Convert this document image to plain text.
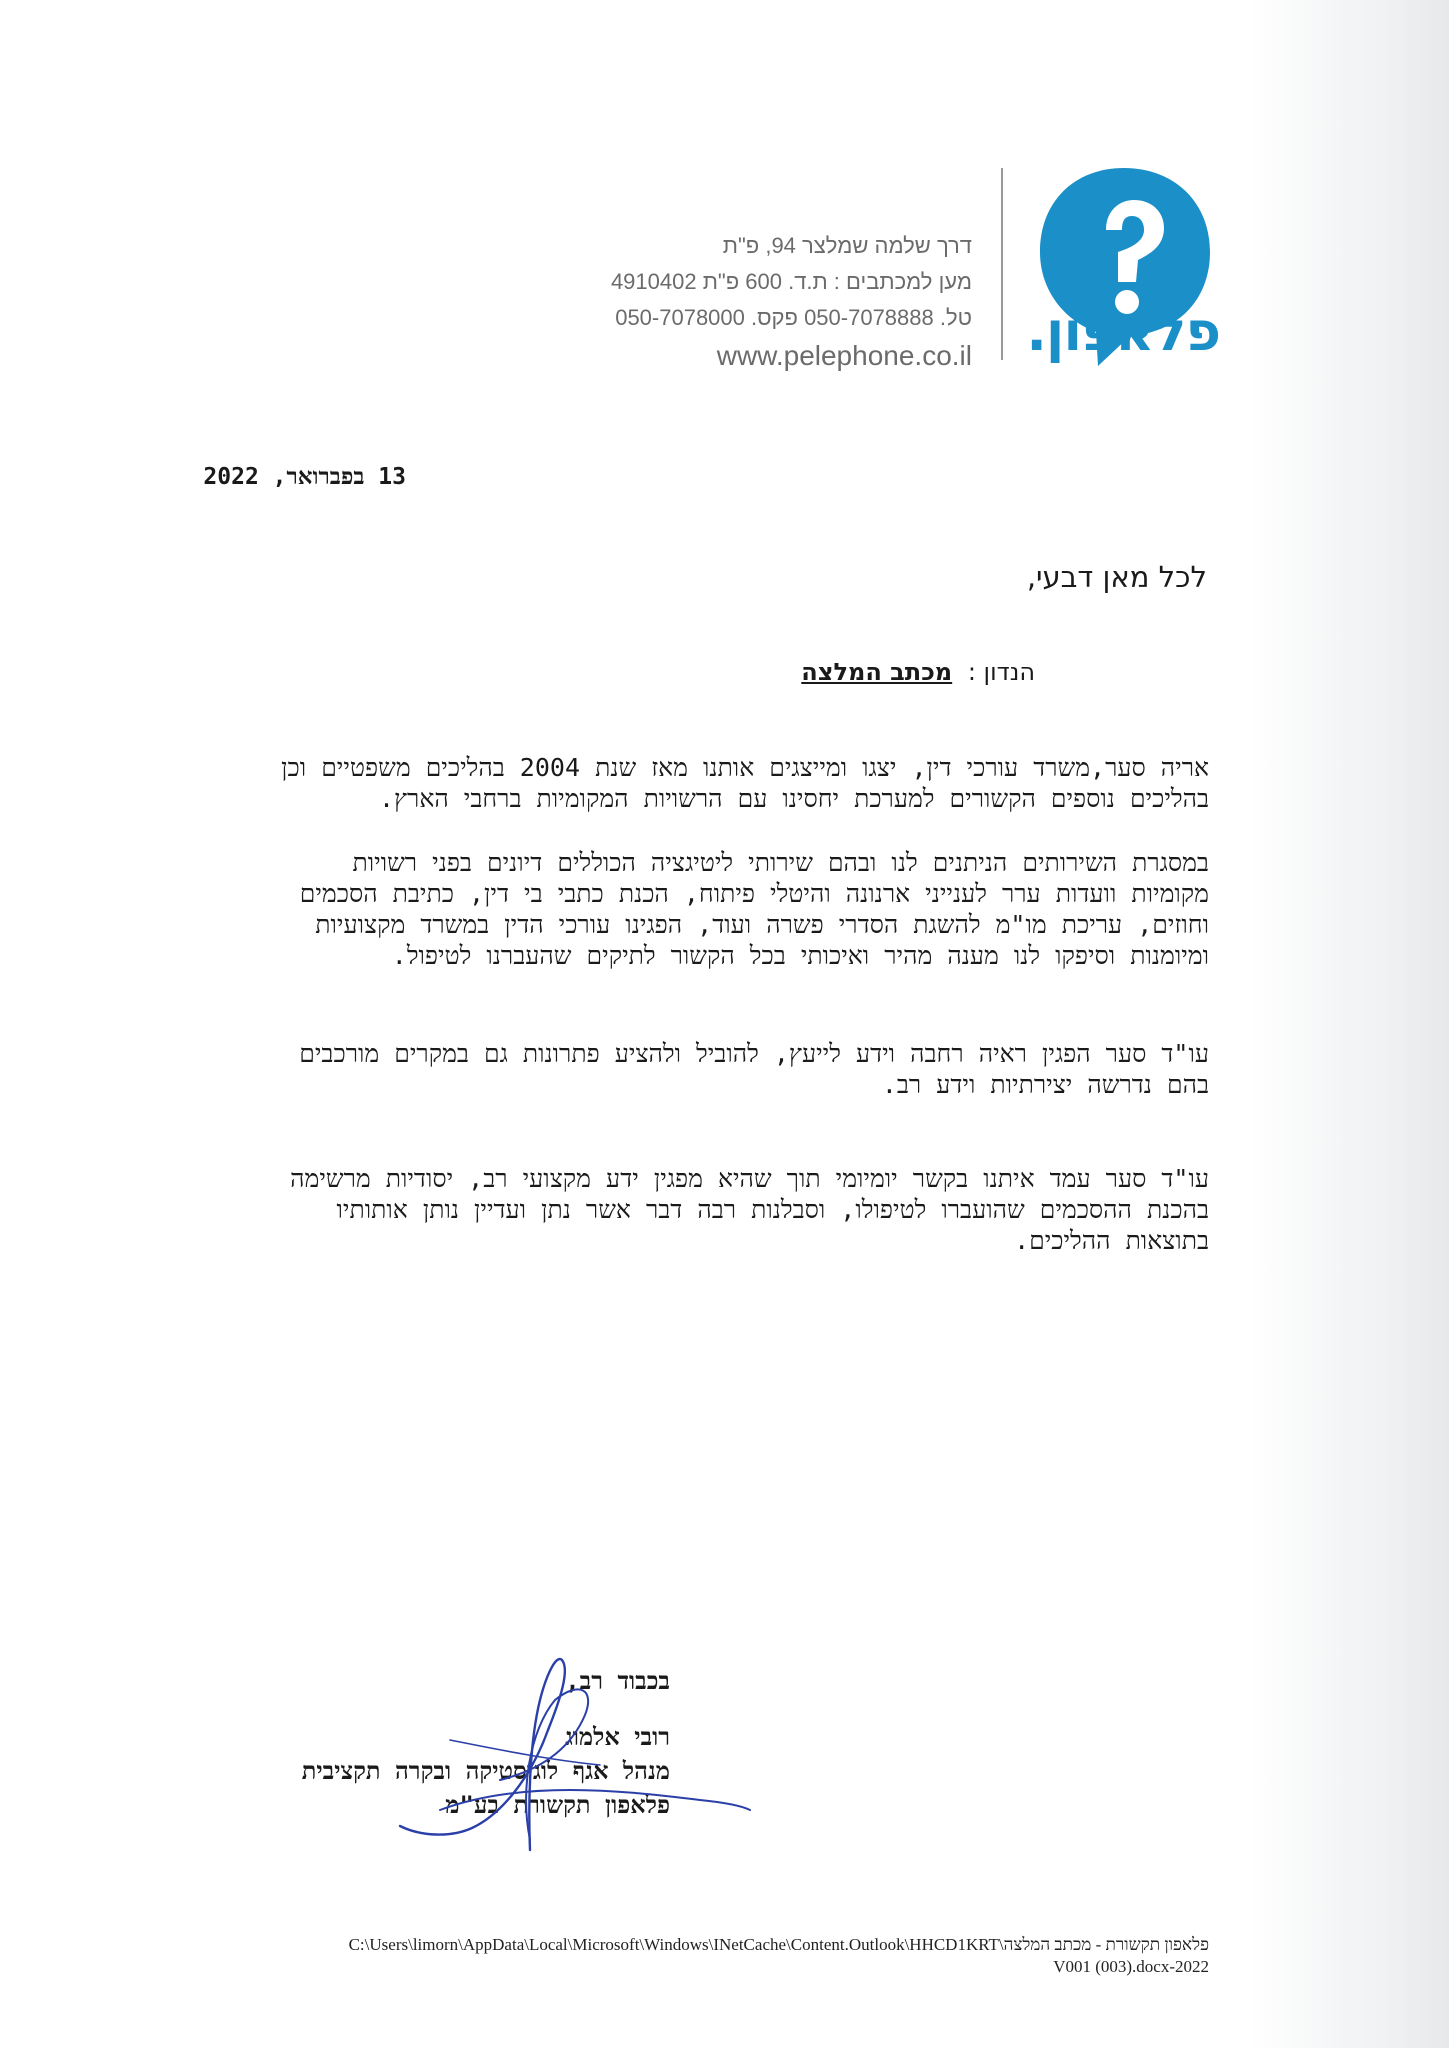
פלאפון.
דרך שלמה שמלצר 94, פ"ת
מען למכתבים : ת.ד. 600 פ"ת 4910402
טל. 050-7078888 פקס. 050-7078000
www.pelephone.co.il
13 בפברואר, 2022
לכל מאן דבעי,
הנדון : מכתב המלצה
אריה סער,משרד עורכי דין, יצגו ומייצגים אותנו מאז שנת 2004 בהליכים משפטיים וכן
בהליכים נוספים הקשורים למערכת יחסינו עם הרשויות המקומיות ברחבי הארץ.
במסגרת השירותים הניתנים לנו ובהם שירותי ליטיגציה הכוללים דיונים בפני רשויות
מקומיות וועדות ערר לענייני ארנונה והיטלי פיתוח, הכנת כתבי בי דין, כתיבת הסכמים
וחוזים, עריכת מו"מ להשגת הסדרי פשרה ועוד, הפגינו עורכי הדין במשרד מקצועיות
ומיומנות וסיפקו לנו מענה מהיר ואיכותי בכל הקשור לתיקים שהעברנו לטיפול.
עו"ד סער הפגין ראיה רחבה וידע לייעץ, להוביל ולהציע פתרונות גם במקרים מורכבים
בהם נדרשה יצירתיות וידע רב.
עו"ד סער עמד איתנו בקשר יומיומי תוך שהיא מפגין ידע מקצועי רב, יסודיות מרשימה
בהכנת ההסכמים שהועברו לטיפולו, וסבלנות רבה דבר אשר נתן ועדיין נותן אותותיו
בתוצאות ההליכים.
בכבוד רב,
רובי אלמוג
מנהל אגף לוגיסטיקה ובקרה תקציבית
פלאפון תקשורת בע"מ
C:\Users\limorn\AppData\Local\Microsoft\Windows\INetCache\Content.Outlook\HHCD1KRT\פלאפון תקשורת - מכתב המלצה
V001 (003).docx-2022
